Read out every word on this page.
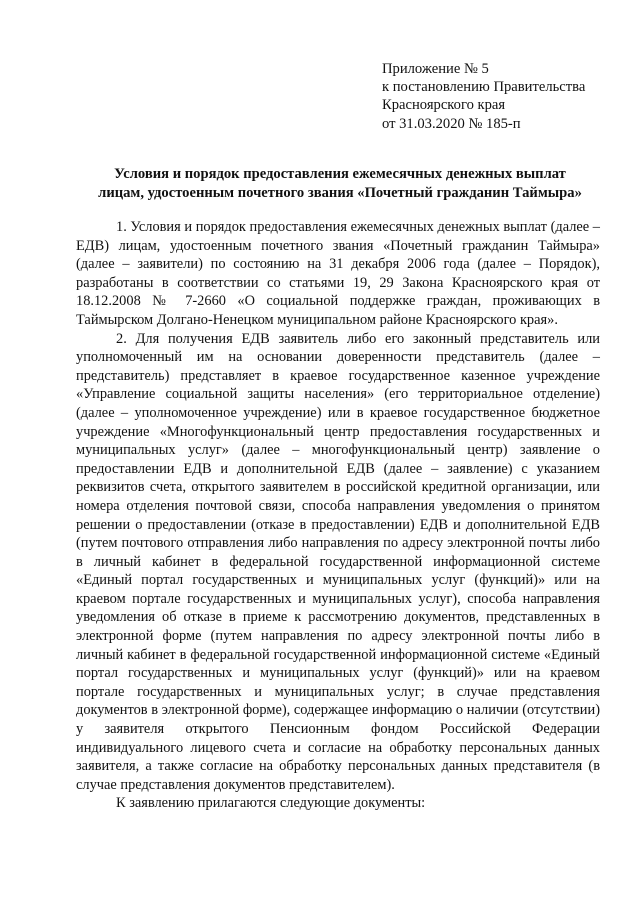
Приложение № 5
к постановлению Правительства
Красноярского края
от 31.03.2020 № 185-п
Условия и порядок предоставления ежемесячных денежных выплат
лицам, удостоенным почетного звания «Почетный гражданин Таймыра»

1. Условия и порядок предоставления ежемесячных денежных выплат (далее – ЕДВ) лицам, удостоенным почетного звания «Почетный гражданин Таймыра» (далее – заявители) по состоянию на 31 декабря 2006 года (далее – Порядок), разработаны в соответствии со статьями 19, 29 Закона Красноярского края от 18.12.2008 № 7-2660 «О социальной поддержке граждан, проживающих в Таймырском Долгано-Ненецком муниципальном районе Красноярского края».

2. Для получения ЕДВ заявитель либо его законный представитель или уполномоченный им на основании доверенности представитель (далее – представитель) представляет в краевое государственное казенное учреждение «Управление социальной защиты населения» (его территориальное отделение) (далее – уполномоченное учреждение) или в краевое государственное бюджетное учреждение «Многофункциональный центр предоставления государственных и муниципальных услуг» (далее – многофункциональный центр) заявление о предоставлении ЕДВ и дополнительной ЕДВ (далее – заявление) с указанием реквизитов счета, открытого заявителем в российской кредитной организации, или номера отделения почтовой связи, способа направления уведомления о принятом решении о предоставлении (отказе в предоставлении) ЕДВ и дополнительной ЕДВ (путем почтового отправления либо направления по адресу электронной почты либо в личный кабинет в федеральной государственной информационной системе «Единый портал государственных и муниципальных услуг (функций)» или на краевом портале государственных и муниципальных услуг), способа направления уведомления об отказе в приеме к рассмотрению документов, представленных в электронной форме (путем направления по адресу электронной почты либо в личный кабинет в федеральной государственной информационной системе «Единый портал государственных и муниципальных услуг (функций)» или на краевом портале государственных и муниципальных услуг; в случае представления документов в электронной форме), содержащее информацию о наличии (отсутствии) у заявителя открытого Пенсионным фондом Российской Федерации индивидуального лицевого счета и согласие на обработку персональных данных заявителя, а также согласие на обработку персональных данных представителя (в случае представления документов представителем).

К заявлению прилагаются следующие документы:
